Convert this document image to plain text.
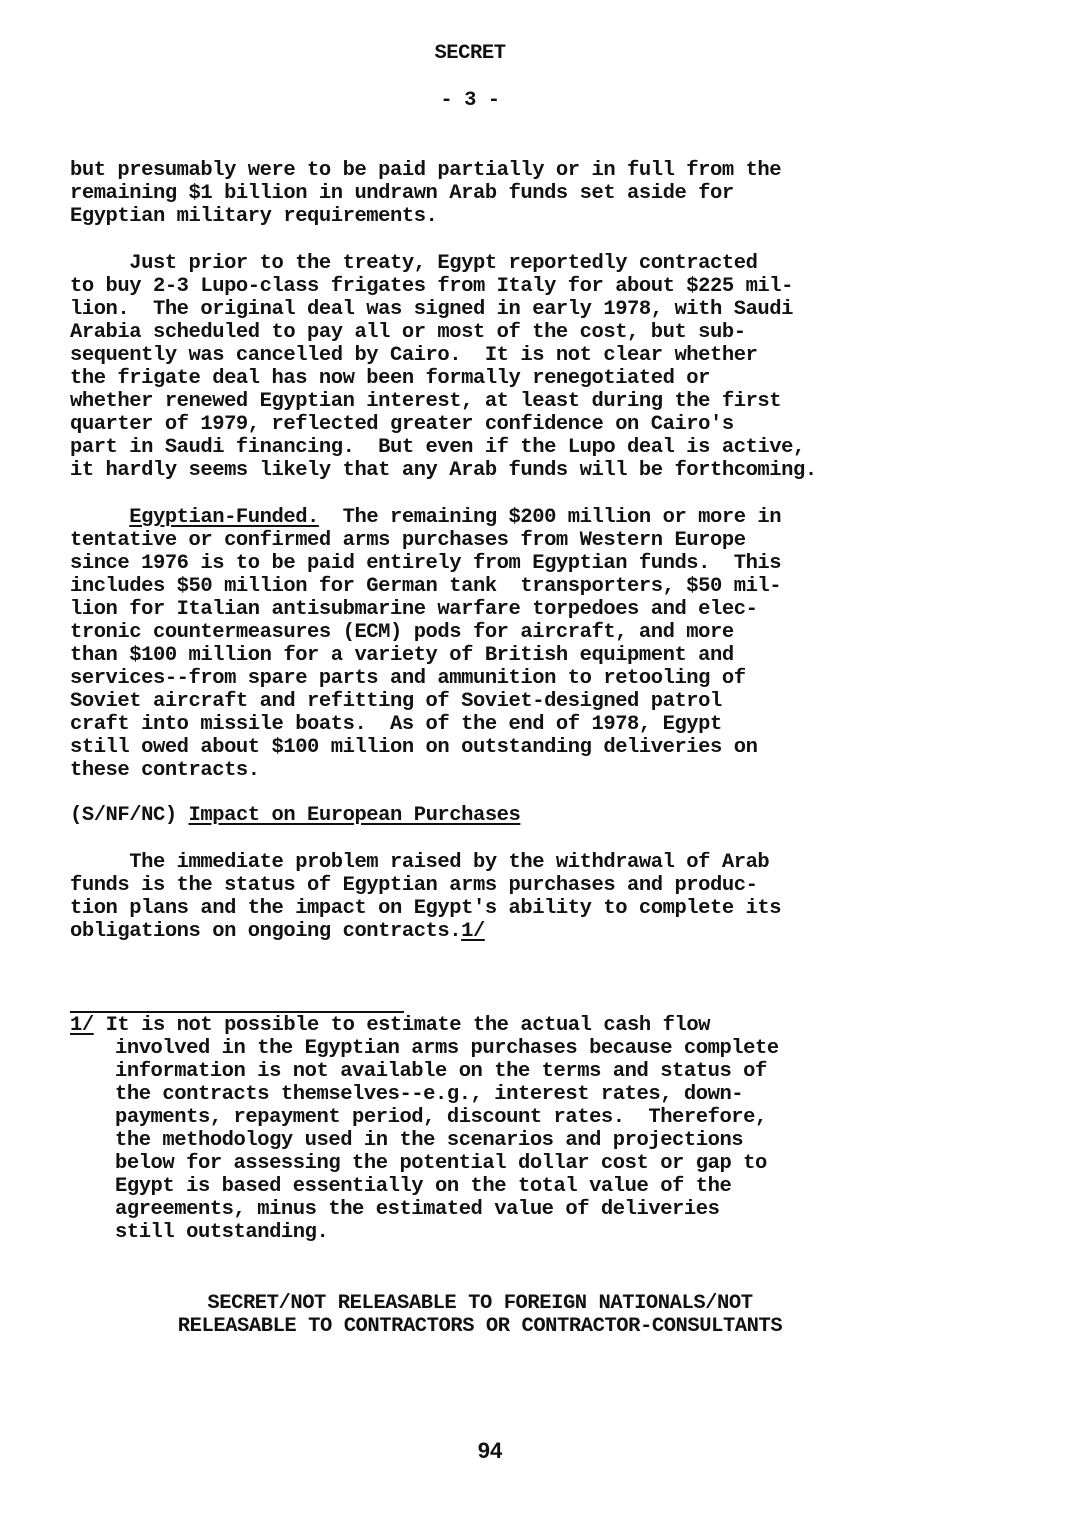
SECRET
- 3 -
but presumably were to be paid partially or in full from the
remaining $1 billion in undrawn Arab funds set aside for
Egyptian military requirements.
Just prior to the treaty, Egypt reportedly contracted
to buy 2-3 Lupo-class frigates from Italy for about $225 mil-
lion.  The original deal was signed in early 1978, with Saudi
Arabia scheduled to pay all or most of the cost, but sub-
sequently was cancelled by Cairo.  It is not clear whether
the frigate deal has now been formally renegotiated or
whether renewed Egyptian interest, at least during the first
quarter of 1979, reflected greater confidence on Cairo's
part in Saudi financing.  But even if the Lupo deal is active,
it hardly seems likely that any Arab funds will be forthcoming.
Egyptian-Funded.  The remaining $200 million or more in
tentative or confirmed arms purchases from Western Europe
since 1976 is to be paid entirely from Egyptian funds.  This
includes $50 million for German tank  transporters, $50 mil-
lion for Italian antisubmarine warfare torpedoes and elec-
tronic countermeasures (ECM) pods for aircraft, and more
than $100 million for a variety of British equipment and
services--from spare parts and ammunition to retooling of
Soviet aircraft and refitting of Soviet-designed patrol
craft into missile boats.  As of the end of 1978, Egypt
still owed about $100 million on outstanding deliveries on
these contracts.
(S/NF/NC) Impact on European Purchases
The immediate problem raised by the withdrawal of Arab
funds is the status of Egyptian arms purchases and produc-
tion plans and the impact on Egypt's ability to complete its
obligations on ongoing contracts.1/
1/ It is not possible to estimate the actual cash flow
involved in the Egyptian arms purchases because complete
information is not available on the terms and status of
the contracts themselves--e.g., interest rates, down-
payments, repayment period, discount rates.  Therefore,
the methodology used in the scenarios and projections
below for assessing the potential dollar cost or gap to
Egypt is based essentially on the total value of the
agreements, minus the estimated value of deliveries
still outstanding.
SECRET/NOT RELEASABLE TO FOREIGN NATIONALS/NOT
RELEASABLE TO CONTRACTORS OR CONTRACTOR-CONSULTANTS
94
